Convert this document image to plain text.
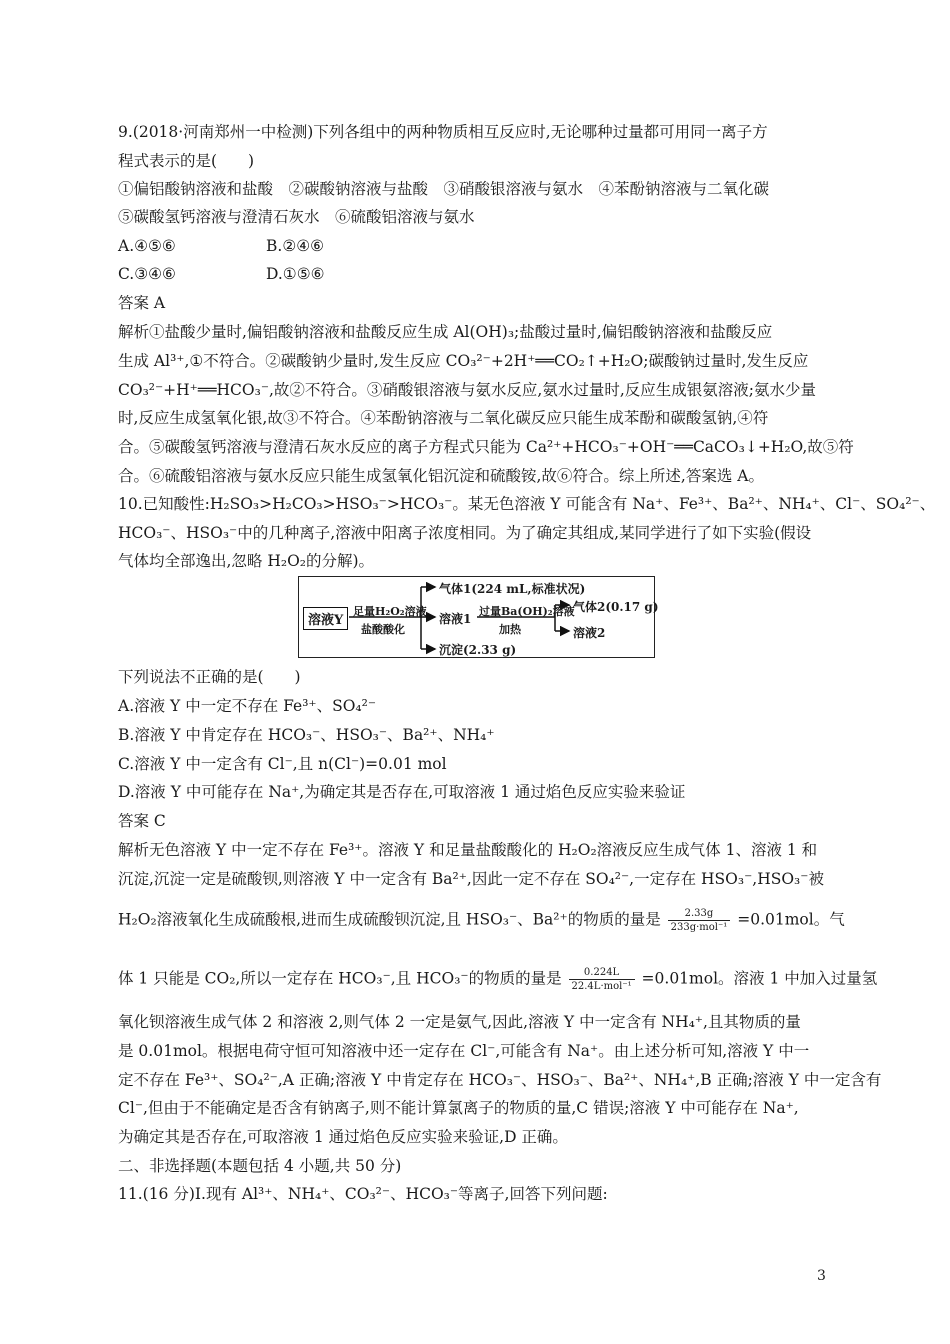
9.(2018·河南郑州一中检测)下列各组中的两种物质相互反应时,无论哪种过量都可用同一离子方
程式表示的是(　　)
①偏铝酸钠溶液和盐酸　②碳酸钠溶液与盐酸　③硝酸银溶液与氨水　④苯酚钠溶液与二氧化碳
⑤碳酸氢钙溶液与澄清石灰水　⑥硫酸铝溶液与氨水
A.④⑤⑥	B.②④⑥
C.③④⑥	D.①⑤⑥
答案 A
解析①盐酸少量时,偏铝酸钠溶液和盐酸反应生成 Al(OH)₃;盐酸过量时,偏铝酸钠溶液和盐酸反应
生成 Al³⁺,①不符合。②碳酸钠少量时,发生反应 CO₃²⁻+2H⁺══CO₂↑+H₂O;碳酸钠过量时,发生反应
CO₃²⁻+H⁺══HCO₃⁻,故②不符合。③硝酸银溶液与氨水反应,氨水过量时,反应生成银氨溶液;氨水少量
时,反应生成氢氧化银,故③不符合。④苯酚钠溶液与二氧化碳反应只能生成苯酚和碳酸氢钠,④符
合。⑤碳酸氢钙溶液与澄清石灰水反应的离子方程式只能为 Ca²⁺+HCO₃⁻+OH⁻══CaCO₃↓+H₂O,故⑤符
合。⑥硫酸铝溶液与氨水反应只能生成氢氧化铝沉淀和硫酸铵,故⑥符合。综上所述,答案选 A。
10.已知酸性:H₂SO₃>H₂CO₃>HSO₃⁻>HCO₃⁻。某无色溶液 Y 可能含有 Na⁺、Fe³⁺、Ba²⁺、NH₄⁺、Cl⁻、SO₄²⁻、
HCO₃⁻、HSO₃⁻中的几种离子,溶液中阳离子浓度相同。为了确定其组成,某同学进行了如下实验(假设
气体均全部逸出,忽略 H₂O₂的分解)。
溶液Y
足量H₂O₂溶液
盐酸酸化
气体1(224 mL,标准状况)
溶液1
过量Ba(OH)₂溶液
加热
气体2(0.17 g)
溶液2
沉淀(2.33 g)
下列说法不正确的是(　　)
A.溶液 Y 中一定不存在 Fe³⁺、SO₄²⁻
B.溶液 Y 中肯定存在 HCO₃⁻、HSO₃⁻、Ba²⁺、NH₄⁺
C.溶液 Y 中一定含有 Cl⁻,且 n(Cl⁻)=0.01 mol
D.溶液 Y 中可能存在 Na⁺,为确定其是否存在,可取溶液 1 通过焰色反应实验来验证
答案 C
解析无色溶液 Y 中一定不存在 Fe³⁺。溶液 Y 和足量盐酸酸化的 H₂O₂溶液反应生成气体 1、溶液 1 和
沉淀,沉淀一定是硫酸钡,则溶液 Y 中一定含有 Ba²⁺,因此一定不存在 SO₄²⁻,一定存在 HSO₃⁻,HSO₃⁻被
H₂O₂溶液氧化生成硫酸根,进而生成硫酸钡沉淀,且 HSO₃⁻、Ba²⁺的物质的量是	2.33g
233g·mol⁻¹ =0.01mol。气
体 1 只能是 CO₂,所以一定存在 HCO₃⁻,且 HCO₃⁻的物质的量是	0.224L
22.4L·mol⁻¹ =0.01mol。溶液 1 中加入过量氢
氧化钡溶液生成气体 2 和溶液 2,则气体 2 一定是氨气,因此,溶液 Y 中一定含有 NH₄⁺,且其物质的量
是 0.01mol。根据电荷守恒可知溶液中还一定存在 Cl⁻,可能含有 Na⁺。由上述分析可知,溶液 Y 中一
定不存在 Fe³⁺、SO₄²⁻,A 正确;溶液 Y 中肯定存在 HCO₃⁻、HSO₃⁻、Ba²⁺、NH₄⁺,B 正确;溶液 Y 中一定含有
Cl⁻,但由于不能确定是否含有钠离子,则不能计算氯离子的物质的量,C 错误;溶液 Y 中可能存在 Na⁺,
为确定其是否存在,可取溶液 1 通过焰色反应实验来验证,D 正确。
二、非选择题(本题包括 4 小题,共 50 分)
11.(16 分)Ⅰ.现有 Al³⁺、NH₄⁺、CO₃²⁻、HCO₃⁻等离子,回答下列问题:
3
